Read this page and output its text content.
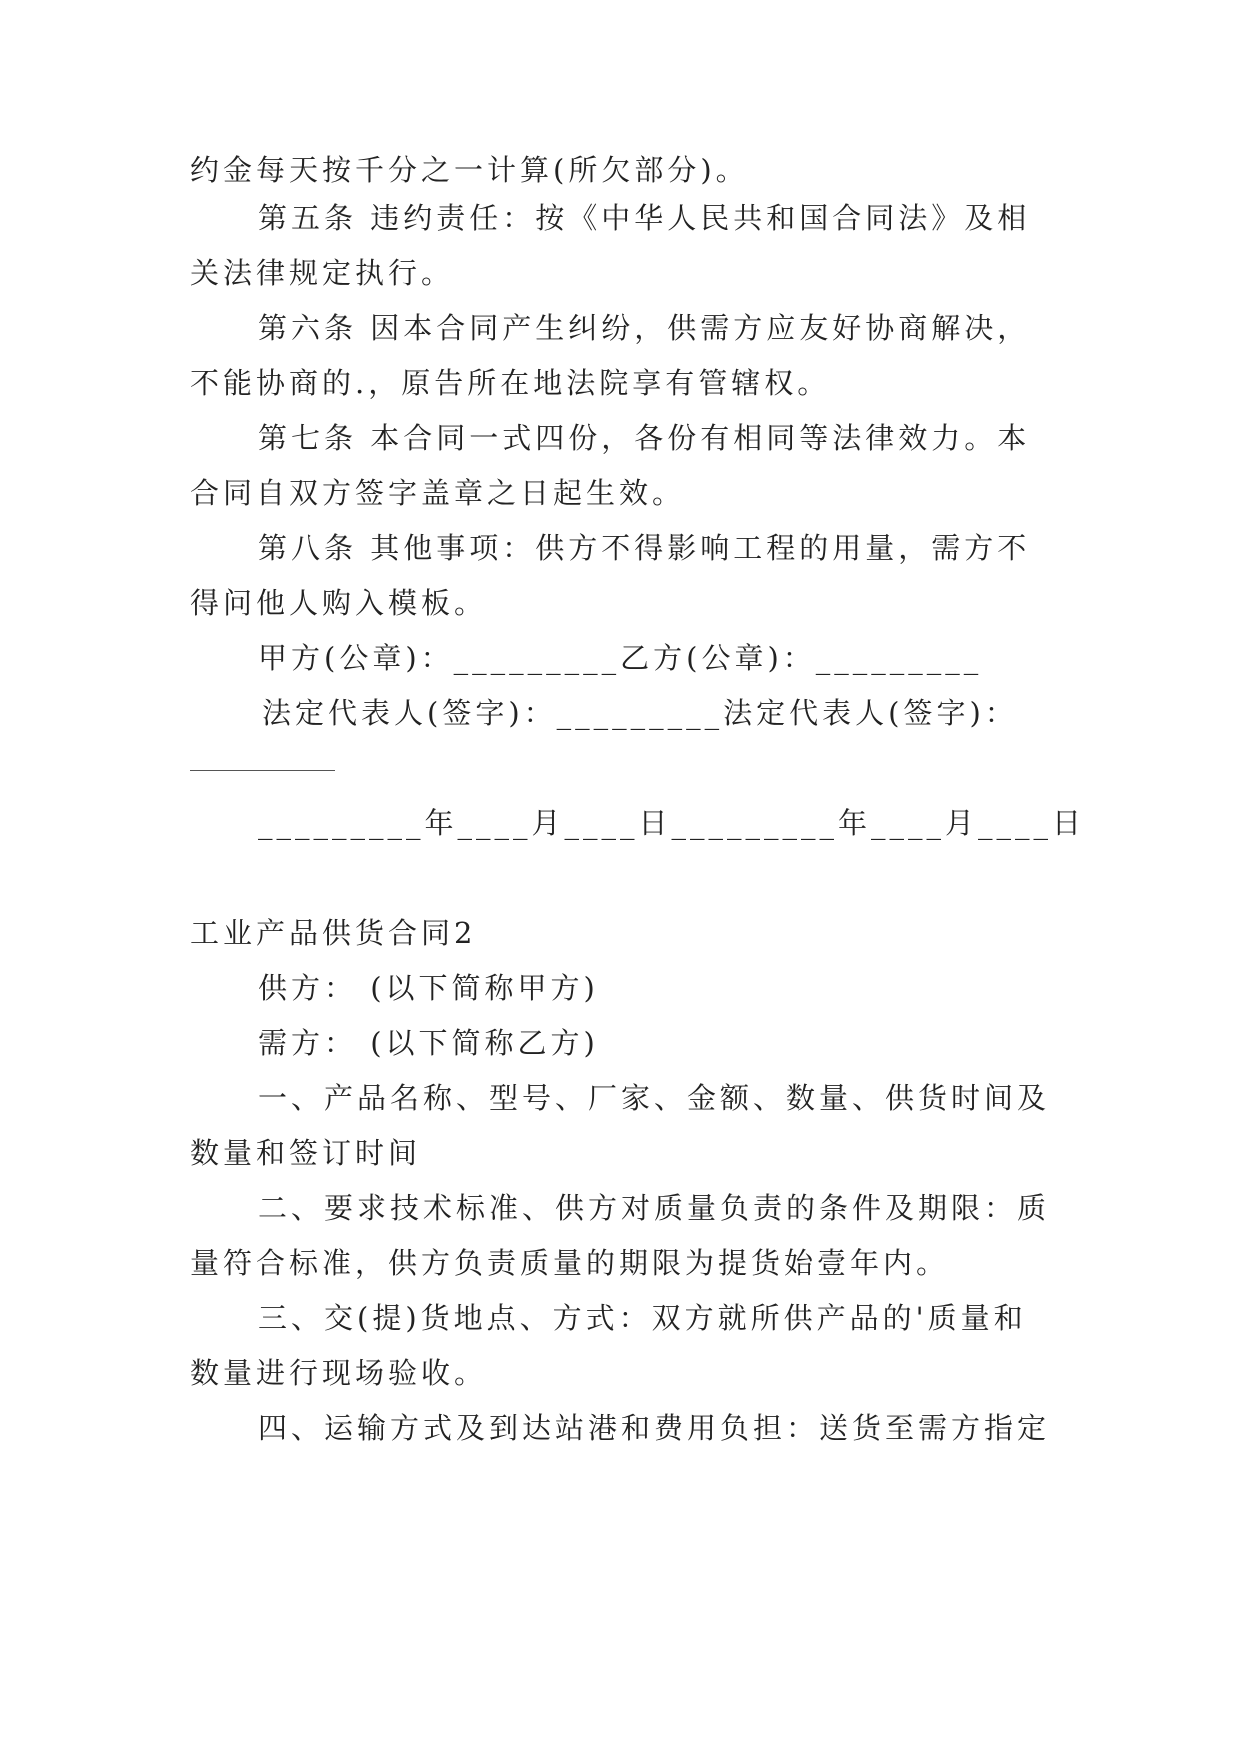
约金每天按千分之一计算(所欠部分)。
第五条 违约责任：按《中华人民共和国合同法》及相
关法律规定执行。
第六条 因本合同产生纠纷，供需方应友好协商解决，
不能协商的.，原告所在地法院享有管辖权。
第七条 本合同一式四份，各份有相同等法律效力。本
合同自双方签字盖章之日起生效。
第八条 其他事项：供方不得影响工程的用量，需方不
得问他人购入模板。
甲方(公章)：_________乙方(公章)：_________
法定代表人(签字)：_________法定代表人(签字)：
_________年____月____日_________年____月____日
工业产品供货合同2
供方： (以下简称甲方)
需方： (以下简称乙方)
一、产品名称、型号、厂家、金额、数量、供货时间及
数量和签订时间
二、要求技术标准、供方对质量负责的条件及期限：质
量符合标准，供方负责质量的期限为提货始壹年内。
三、交(提)货地点、方式：双方就所供产品的'质量和
数量进行现场验收。
四、运输方式及到达站港和费用负担：送货至需方指定
